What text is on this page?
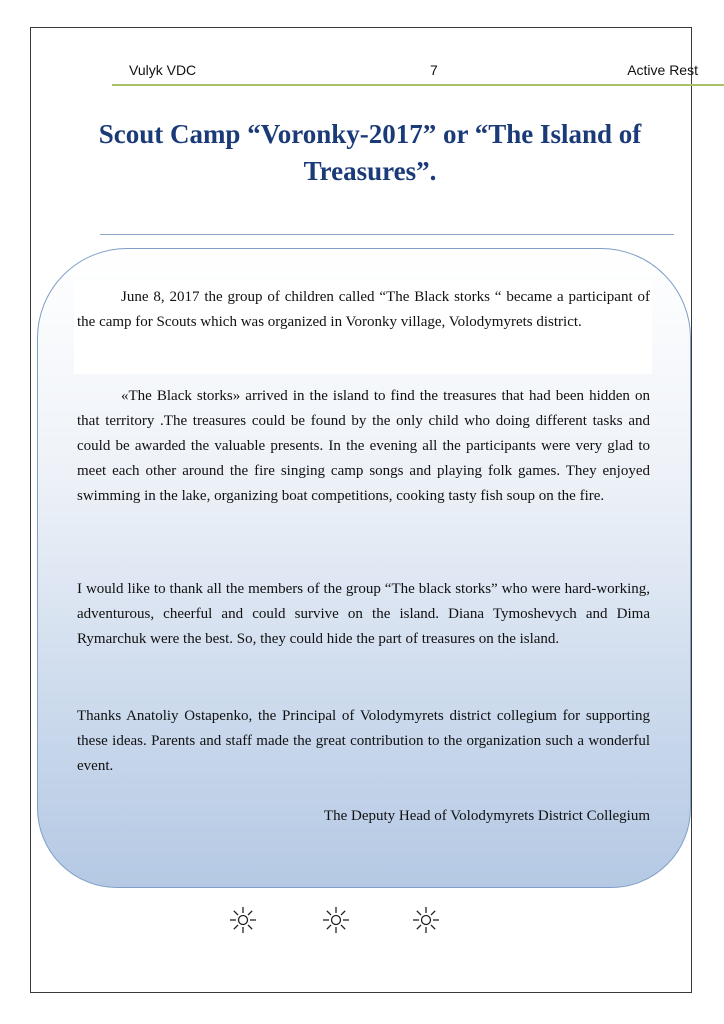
Vulyk VDC	7	Active Rest
Scout Camp “Voronky-2017” or “The Island of Treasures”.

June 8, 2017 the group of children called “The Black storks “ became a participant of the camp for Scouts which was organized in Voronky village, Volodymyrets district.

«The Black storks» arrived in the island to find the treasures that had been hidden on that territory .The treasures could be found by the only child who doing different tasks and could be awarded the valuable presents. In the evening all the participants were very glad to meet each other around the fire singing camp songs and playing folk games. They enjoyed swimming in the lake, organizing boat competitions, cooking tasty fish soup on the fire.

I would like to thank all the members of the group “The black storks” who were hard-working, adventurous, cheerful and could survive on the island. Diana Tymoshevych and Dima Rymarchuk were the best. So, they could hide the part of treasures on the island.

Thanks Anatoliy Ostapenko, the Principal of Volodymyrets district collegium for supporting these ideas. Parents and staff made the great contribution to the organization such a wonderful event.

The Deputy Head of Volodymyrets District Collegium
